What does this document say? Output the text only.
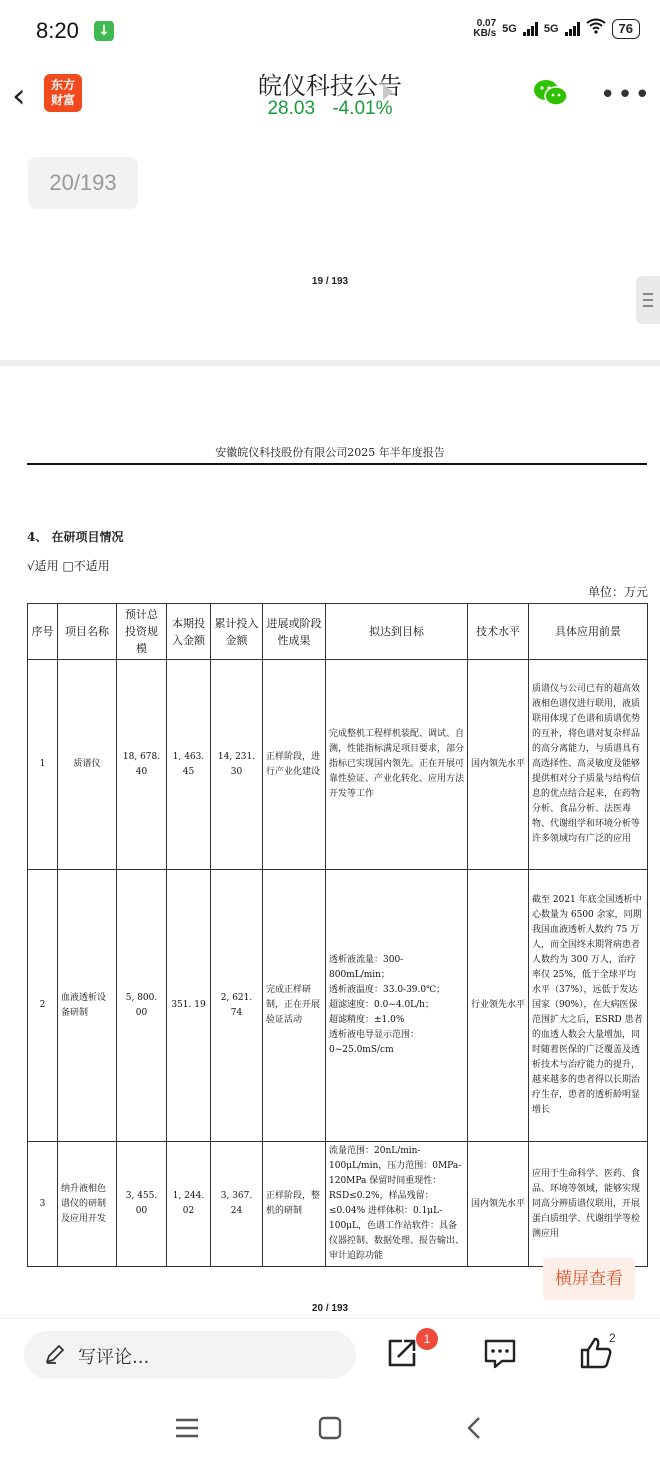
8:20 ↓	0.07
KB/s 5G 5G	76
‹	东方
财富	皖仪科技公告
28.03 -4.01%	•••
20/193
19 / 193
安徽皖仪科技股份有限公司2025 年半年度报告
4、 在研项目情况
√适用 □不适用
单位：万元
序号	项目名称	预计总投资规模	本期投入金额	累计投入金额	进展或阶段性成果	拟达到目标	技术水平	具体应用前景
1	质谱仪	18, 678. 40	1, 463. 45	14, 231. 30	正样阶段，进行产业化建设	完成整机工程样机装配、调试、自测，性能指标满足项目要求，部分指标已实现国内领先。正在开展可靠性验证、产业化转化、应用方法开发等工作	国内领先水平	质谱仪与公司已有的超高效液相色谱仪进行联用，液质联用体现了色谱和质谱优势的互补，将色谱对复杂样品的高分离能力，与质谱具有高选择性、高灵敏度及能够提供相对分子质量与结构信息的优点结合起来，在药物分析、食品分析、法医毒物、代谢组学和环境分析等许多领域均有广泛的应用
2	血液透析设备研制	5, 800. 00	351. 19	2, 621. 74	完成正样研制，正在开展验证活动	透析液流量：300-800mL/min；
透析液温度：33.0-39.0℃；
超滤速度：0.0~4.0L/h；
超滤精度：±1.0%
透析液电导显示范围：0~25.0mS/cm	行业领先水平	截至 2021 年底全国透析中心数量为 6500 余家，同期我国血液透析人数约 75 万人，而全国终末期肾病患者人数约为 300 万人，治疗率仅 25%，低于全球平均水平（37%），远低于发达国家（90%），在大病医保范围扩大之后，ESRD 患者的血透人数会大量增加，同时随着医保的广泛覆盖及透析技术与治疗能力的提升，越来越多的患者得以长期治疗生存，患者的透析龄明显增长
3	纳升液相色谱仪的研制及应用开发	3, 455. 00	1, 244. 02	3, 367. 24	正样阶段，整机的研制	流量范围：20nL/min-100μL/min，压力范围：0MPa-120MPa 保留时间重现性：RSD≤0.2%，样品残留：≤0.04% 进样体积：0.1μL-100μL，色谱工作站软件：具备仪器控制、数据处理、报告输出、审计追踪功能	国内领先水平	应用于生命科学、医药、食品、环境等领域，能够实现同高分辨质谱仪联用，开展蛋白质组学、代谢组学等检测应用
横屏查看
20 / 193
写评论...
1	2
